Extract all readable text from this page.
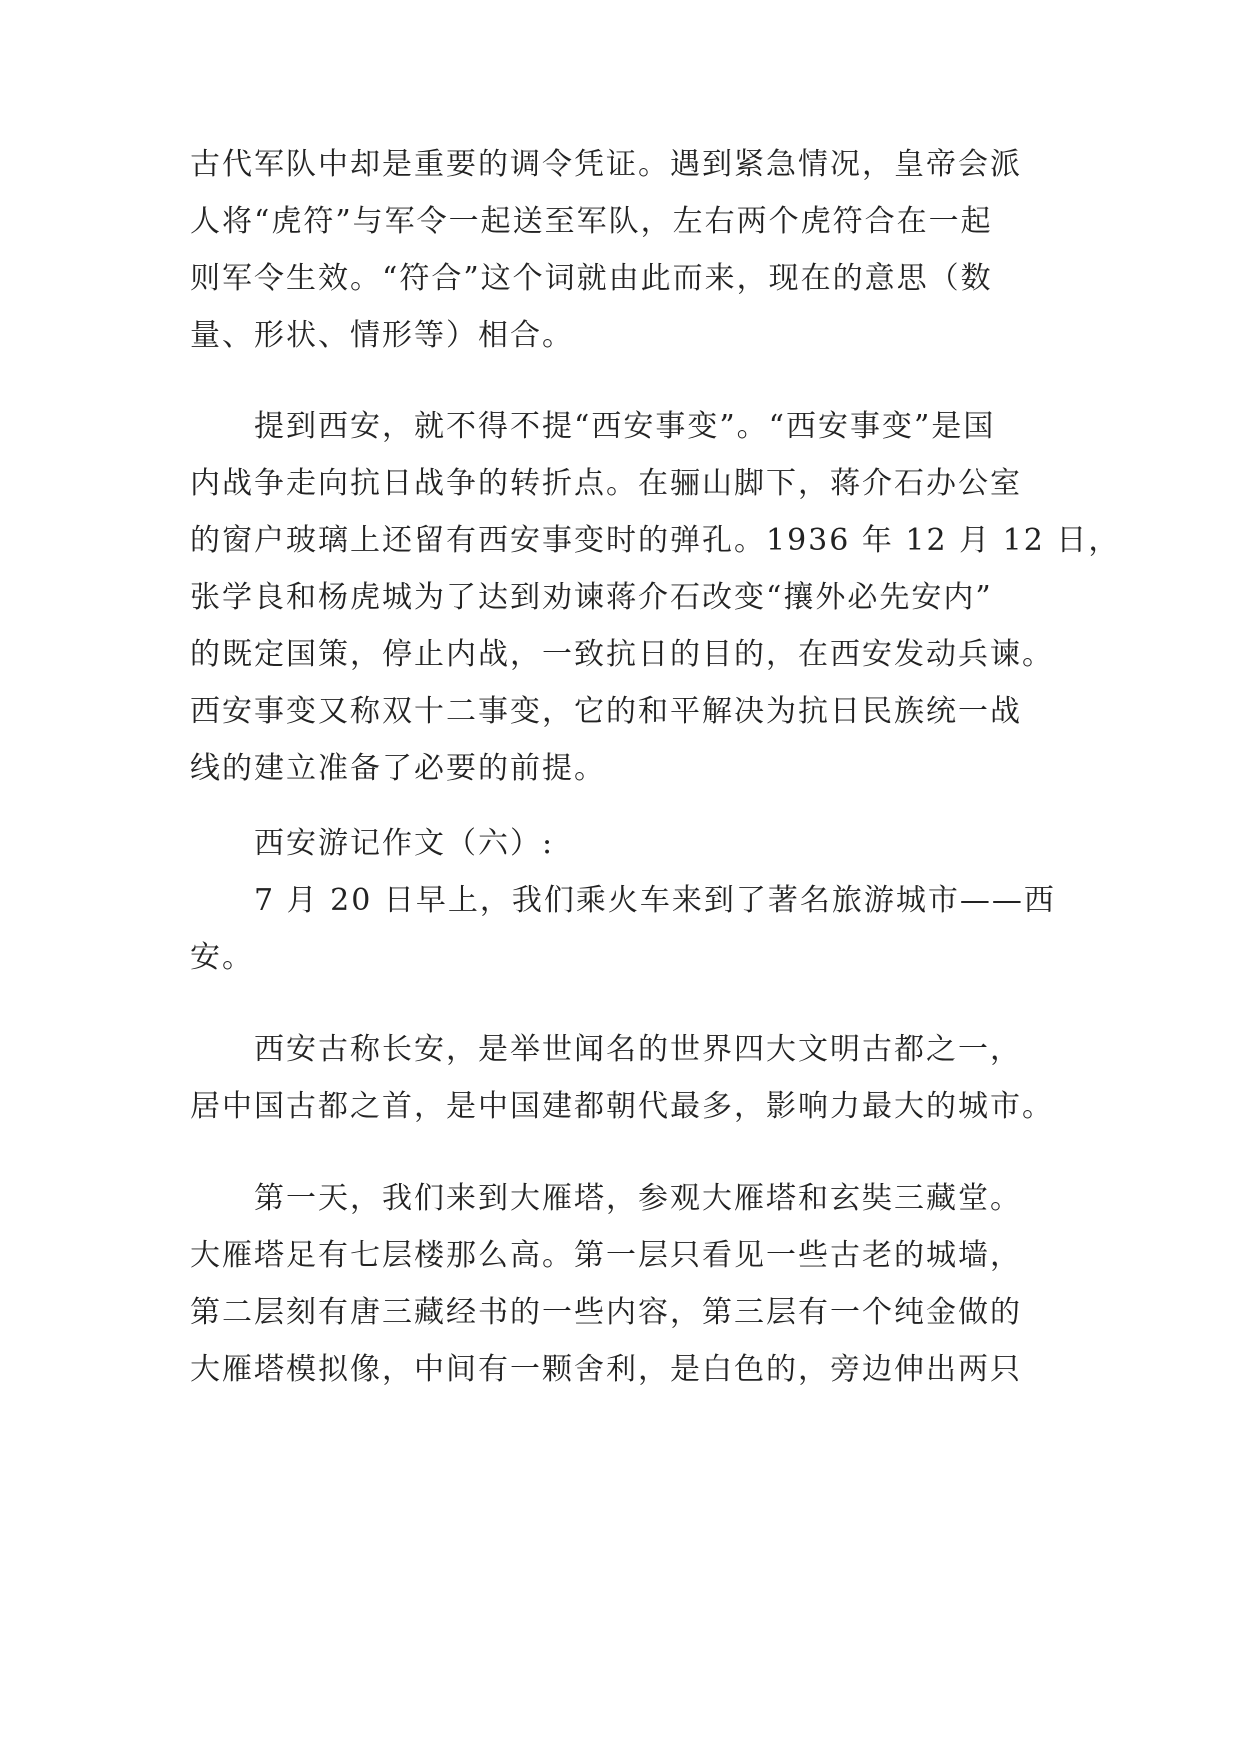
古代军队中却是重要的调令凭证。遇到紧急情况，皇帝会派
人将“虎符”与军令一起送至军队，左右两个虎符合在一起
则军令生效。“符合”这个词就由此而来，现在的意思（数
量、形状、情形等）相合。
提到西安，就不得不提“西安事变”。“西安事变”是国
内战争走向抗日战争的转折点。在骊山脚下，蒋介石办公室
的窗户玻璃上还留有西安事变时的弹孔。1936 年 12 月 12 日，
张学良和杨虎城为了达到劝谏蒋介石改变“攘外必先安内”
的既定国策，停止内战，一致抗日的目的，在西安发动兵谏。
西安事变又称双十二事变，它的和平解决为抗日民族统一战
线的建立准备了必要的前提。
西安游记作文（六）:
7 月 20 日早上，我们乘火车来到了著名旅游城市——西
安。
西安古称长安，是举世闻名的世界四大文明古都之一，
居中国古都之首，是中国建都朝代最多，影响力最大的城市。
第一天，我们来到大雁塔，参观大雁塔和玄奘三藏堂。
大雁塔足有七层楼那么高。第一层只看见一些古老的城墙，
第二层刻有唐三藏经书的一些内容，第三层有一个纯金做的
大雁塔模拟像，中间有一颗舍利，是白色的，旁边伸出两只
